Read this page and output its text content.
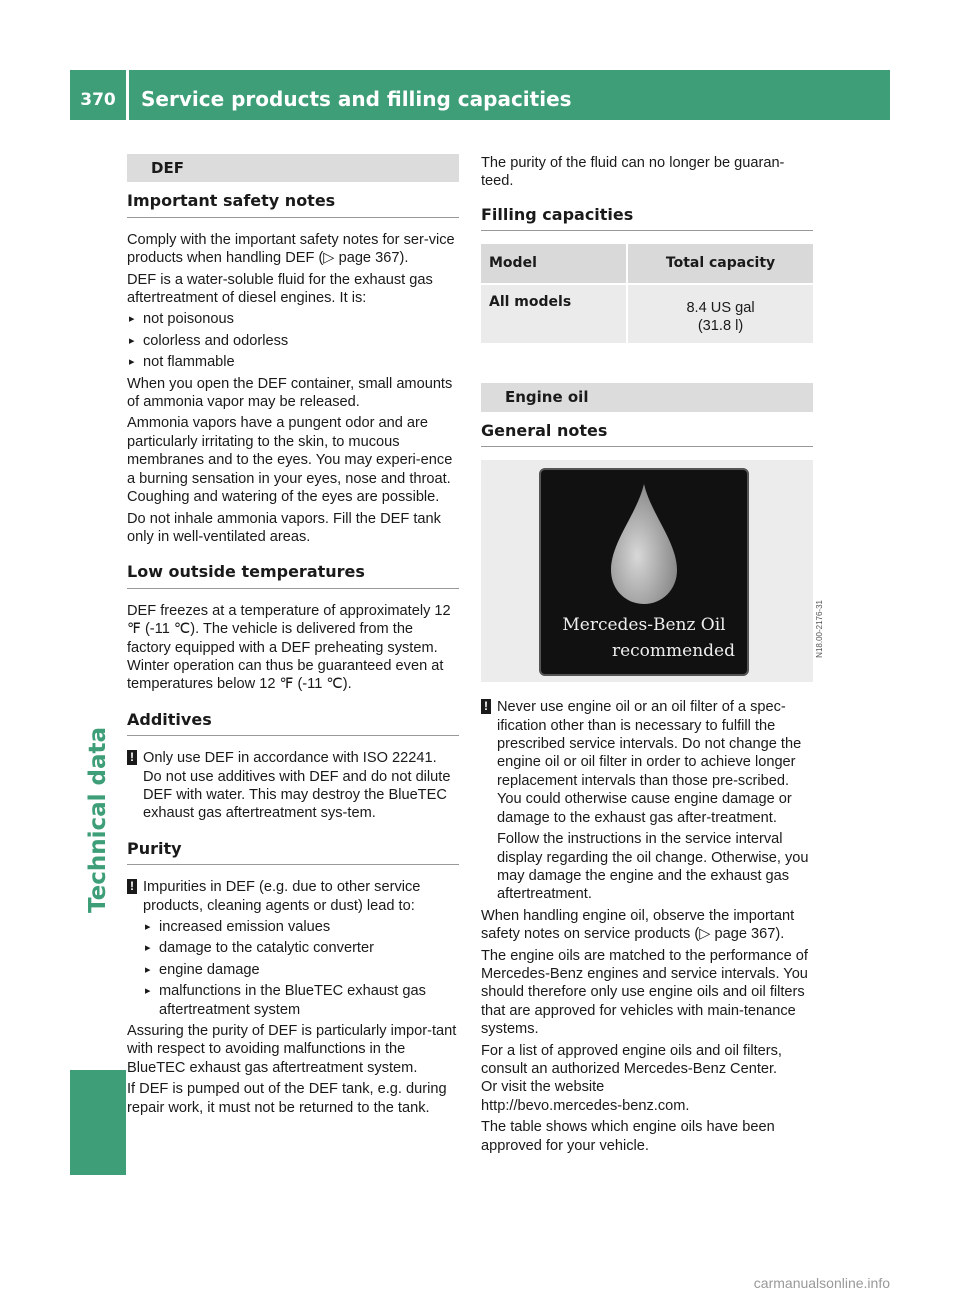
370	Service products and filling capacities
Technical data
DEF
Important safety notes

Comply with the important safety notes for ser-vice products when handling DEF (▷ page 367).

DEF is a water-soluble fluid for the exhaust gas aftertreatment of diesel engines. It is:

▸ not poisonous
▸ colorless and odorless
▸ not flammable

When you open the DEF container, small amounts of ammonia vapor may be released.

Ammonia vapors have a pungent odor and are particularly irritating to the skin, to mucous membranes and to the eyes. You may experi-ence a burning sensation in your eyes, nose and throat. Coughing and watering of the eyes are possible.

Do not inhale ammonia vapors. Fill the DEF tank only in well-ventilated areas.

Low outside temperatures

DEF freezes at a temperature of approximately 12 ℉ (-11 ℃). The vehicle is delivered from the factory equipped with a DEF preheating system. Winter operation can thus be guaranteed even at temperatures below 12 ℉ (-11 ℃).

Additives
! Only use DEF in accordance with ISO 22241. Do not use additives with DEF and do not dilute DEF with water. This may destroy the BlueTEC exhaust gas aftertreatment sys-tem.
Purity
! Impurities in DEF (e.g. due to other service products, cleaning agents or dust) lead to:
▸ increased emission values
▸ damage to the catalytic converter
▸ engine damage
▸ malfunctions in the BlueTEC exhaust gas aftertreatment system

Assuring the purity of DEF is particularly impor-tant with respect to avoiding malfunctions in the BlueTEC exhaust gas aftertreatment system.

If DEF is pumped out of the DEF tank, e.g. during repair work, it must not be returned to the tank.

The purity of the fluid can no longer be guaran-teed.

Filling capacities
Model	Total capacity
All models	8.4 US gal
(31.8 l)
Engine oil
General notes
Mercedes-Benz Oil
recommended	N18.00-2176-31
! Never use engine oil or an oil filter of a spec-ification other than is necessary to fulfill the prescribed service intervals. Do not change the engine oil or oil filter in order to achieve longer replacement intervals than those pre-scribed. You could otherwise cause engine damage or damage to the exhaust gas after-treatment.

Follow the instructions in the service interval display regarding the oil change. Otherwise, you may damage the engine and the exhaust gas aftertreatment.

When handling engine oil, observe the important safety notes on service products (▷ page 367).

The engine oils are matched to the performance of Mercedes-Benz engines and service intervals. You should therefore only use engine oils and oil filters that are approved for vehicles with main-tenance systems.

For a list of approved engine oils and oil filters, consult an authorized Mercedes-Benz Center.

Or visit the website

http://bevo.mercedes-benz.com.

The table shows which engine oils have been approved for your vehicle.

carmanualsonline.info
